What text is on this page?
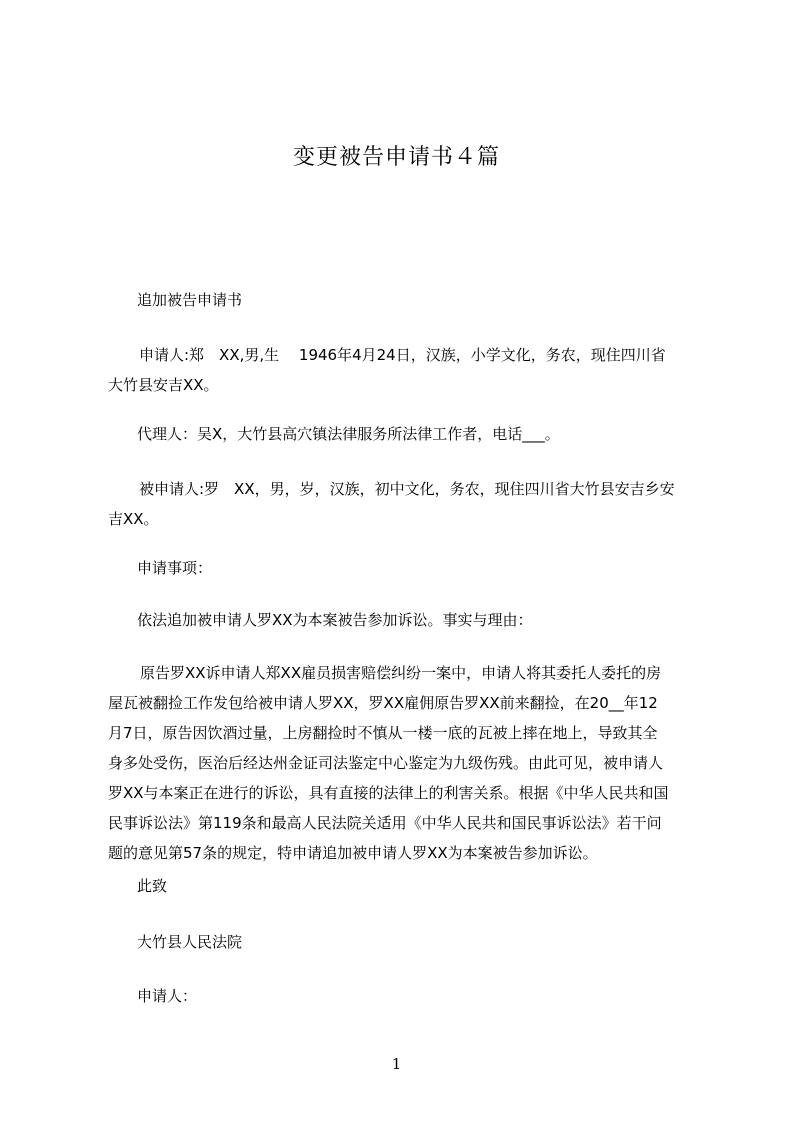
变更被告申请书４篇

追加被告申请书

申请人:郑　XX,男,生　 1946年4月24日，汉族，小学文化，务农，现住四川省
大竹县安吉XX。

代理人：吴X，大竹县高穴镇法律服务所法律工作者，电话___。

被申请人:罗　XX，男，岁，汉族，初中文化，务农，现住四川省大竹县安吉乡安
吉XX。

申请事项：

依法追加被申请人罗XX为本案被告参加诉讼。事实与理由：

原告罗XX诉申请人郑XX雇员损害赔偿纠纷一案中，申请人将其委托人委托的房
屋瓦被翻捡工作发包给被申请人罗XX，罗XX雇佣原告罗XX前来翻捡，在20__年12
月7日，原告因饮酒过量，上房翻捡时不慎从一楼一底的瓦被上摔在地上，导致其全
身多处受伤，医治后经达州金证司法鉴定中心鉴定为九级伤残。由此可见，被申请人
罗XX与本案正在进行的诉讼，具有直接的法律上的利害关系。根据《中华人民共和国
民事诉讼法》第119条和最高人民法院关适用《中华人民共和国民事诉讼法》若干问
题的意见第57条的规定，特申请追加被申请人罗XX为本案被告参加诉讼。

此致

大竹县人民法院

申请人：

1
